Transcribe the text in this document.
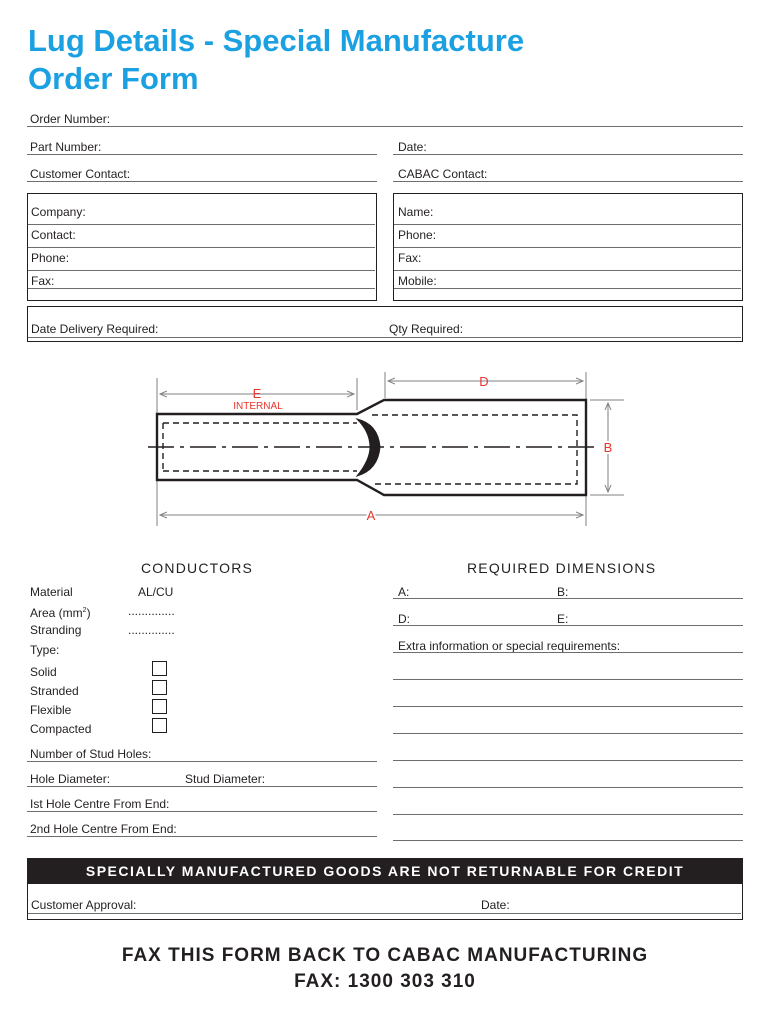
Lug Details - Special Manufacture
Order Form
Order Number:
Part Number:	Date:
Customer Contact:	CABAC Contact:
Company:
Contact:
Phone:
Fax:
Name:
Phone:
Fax:
Mobile:
Date Delivery Required:	Qty Required:
E
INTERNAL
D
B
A
CONDUCTORS
Material	AL/CU
Area $(mm^2)$	..............
Stranding	..............
Type:
Solid
Stranded
Flexible
Compacted
Number of Stud Holes:
Hole Diameter:	Stud Diameter:
Ist Hole Centre From End:
2nd Hole Centre From End:
REQUIRED DIMENSIONS
A:	B:
D:	E:
Extra information or special requirements:
SPECIALLY MANUFACTURED GOODS ARE NOT RETURNABLE FOR CREDIT
Customer Approval:	Date:
FAX THIS FORM BACK TO CABAC MANUFACTURING
FAX: 1300 303 310
